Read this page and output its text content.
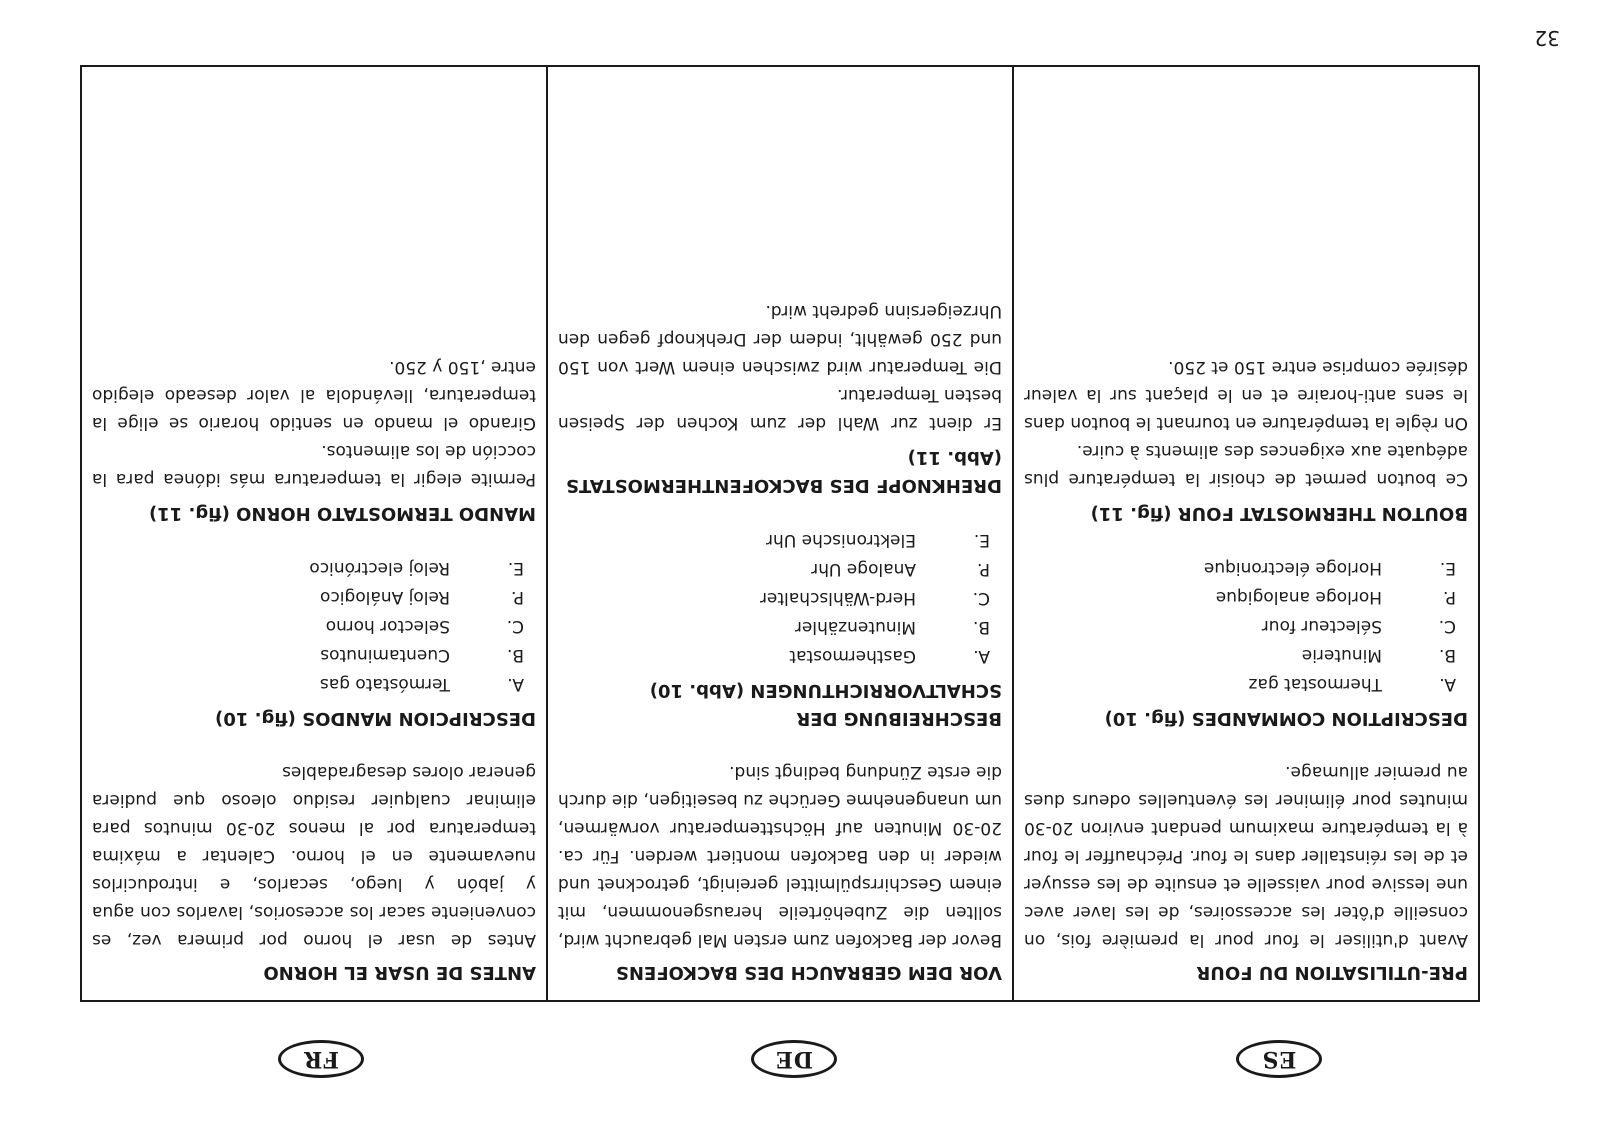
FR	DE	ES

PRE-UTILISATION DU FOUR

Avant d'utiliser le four pour la première fois, on conseille d'ôter les accessoires, de les laver avec une lessive pour vaisselle et ensuite de les essuyer et de les réinstaller dans le four. Préchauffer le four à la température maximum pendant environ 20-30 minutes pour éliminer les éventuelles odeurs dues au premier allumage.

DESCRIPTION COMMANDES (fig. 10)

A.
Thermostat gaz
B.
Minuterie
C.
Sélecteur four
P.
Horloge analogique
E.
Horloge électronique

BOUTON THERMOSTAT FOUR (fig. 11)

Ce bouton permet de choisir la température plus adéquate aux exigences des aliments à cuire.

On règle la température en tournant le bouton dans le sens anti-horaire et en le plaçant sur la valeur désirée comprise entre 150 et 250.

VOR DEM GEBRAUCH DES BACKOFENS

Bevor der Backofen zum ersten Mal gebraucht wird, sollten die Zubehörteile herausgenommen, mit einem Geschirrspülmittel gereinigt, getrocknet und wieder in den Backofen montiert werden. Für ca. 20-30 Minuten auf Höchsttemperatur vorwärmen, um unangenehme Gerüche zu beseitigen, die durch die erste Zündung bedingt sind.

BESCHREIBUNG DER SCHALTVORRICHTUNGEN (Abb. 10)

A.
Gasthermostat
B.
Minutenzähler
C.
Herd-Wählschalter
P.
Analoge Uhr
E.
Elektronische Uhr

DREHKNOPF DES BACKOFENTHERMOSTATS (Abb. 11)

Er dient zur Wahl der zum Kochen der Speisen besten Temperatur.

Die Temperatur wird zwischen einem Wert von 150 und 250 gewählt, indem der Drehknopf gegen den Uhrzeigersinn gedreht wird.

ANTES DE USAR EL HORNO

Antes de usar el horno por primera vez, es conveniente sacar los accesorios, lavarlos con agua y jabón y luego, secarlos, e introducirlos nuevamente en el horno. Calentar a máxima temperatura por al menos 20-30 minutos para eliminar cualquier residuo oleoso que pudiera generar olores desagradables

DESCRIPCION MANDOS (fig. 10)

A.
Termóstato gas
B.
Cuentaminutos
C.
Selector horno
P.
Reloj Análogico
E.
Reloj electrónico

MANDO TERMOSTATO HORNO (fig. 11)

Permite elegir la temperatura más idónea para la cocción de los alimentos.

Girando el mando en sentido horario se elige la temperatura, llevándola al valor deseado elegido entre ,150 y 250.

32
